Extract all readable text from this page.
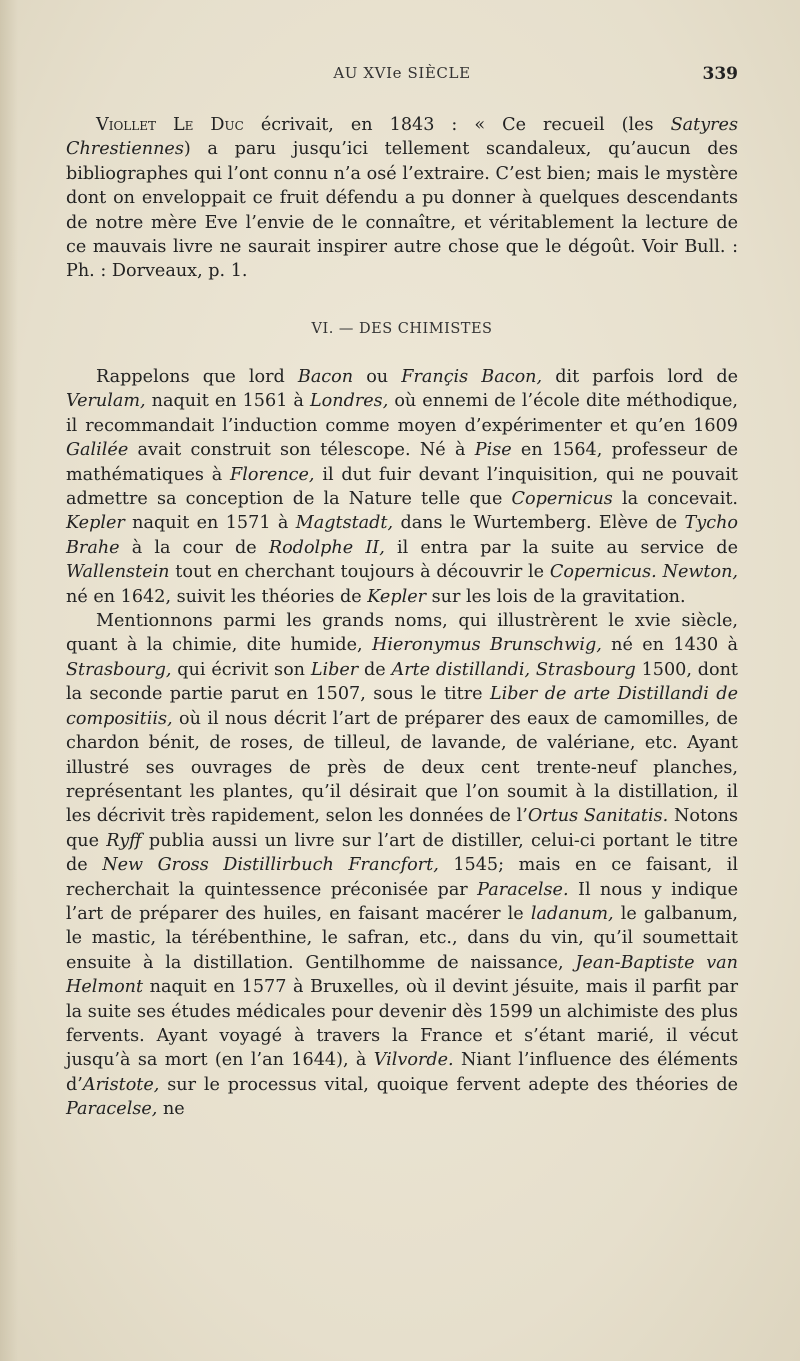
AU XVIe SIÈCLE	339

Viollet Le Duc écrivait, en 1843 : « Ce recueil (les Satyres Chrestiennes) a paru jusqu’ici tellement scandaleux, qu’aucun des bibliographes qui l’ont connu n’a osé l’extraire. C’est bien; mais le mystère dont on enveloppait ce fruit défendu a pu donner à quelques descendants de notre mère Eve l’envie de le connaître, et véritablement la lecture de ce mauvais livre ne saurait inspirer autre chose que le dégoût. Voir Bull. : Ph. : Dorveaux, p. 1.

VI. — DES CHIMISTES

Rappelons que lord Bacon ou Françis Bacon, dit parfois lord de Verulam, naquit en 1561 à Londres, où ennemi de l’école dite méthodique, il recommandait l’induction comme moyen d’expérimenter et qu’en 1609 Galilée avait construit son télescope. Né à Pise en 1564, professeur de mathématiques à Florence, il dut fuir devant l’inquisition, qui ne pouvait admettre sa conception de la Nature telle que Copernicus la concevait. Kepler naquit en 1571 à Magtstadt, dans le Wurtemberg. Elève de Tycho Brahe à la cour de Rodolphe II, il entra par la suite au service de Wallenstein tout en cherchant toujours à découvrir le Copernicus. Newton, né en 1642, suivit les théories de Kepler sur les lois de la gravitation.

Mentionnons parmi les grands noms, qui illustrèrent le xvie siècle, quant à la chimie, dite humide, Hieronymus Brunschwig, né en 1430 à Strasbourg, qui écrivit son Liber de Arte distillandi, Strasbourg 1500, dont la seconde partie parut en 1507, sous le titre Liber de arte Distillandi de compositiis, où il nous décrit l’art de préparer des eaux de camomilles, de chardon bénit, de roses, de tilleul, de lavande, de valériane, etc. Ayant illustré ses ouvrages de près de deux cent trente-neuf planches, représentant les plantes, qu’il désirait que l’on soumit à la distillation, il les décrivit très rapidement, selon les données de l’Ortus Sanitatis. Notons que Ryff publia aussi un livre sur l’art de distiller, celui-ci portant le titre de New Gross Distillirbuch Francfort, 1545; mais en ce faisant, il recherchait la quintessence préconisée par Paracelse. Il nous y indique l’art de préparer des huiles, en faisant macérer le ladanum, le galbanum, le mastic, la térébenthine, le safran, etc., dans du vin, qu’il soumettait ensuite à la distillation. Gentilhomme de naissance, Jean-Baptiste van Helmont naquit en 1577 à Bruxelles, où il devint jésuite, mais il parfit par la suite ses études médicales pour devenir dès 1599 un alchimiste des plus fervents. Ayant voyagé à travers la France et s’étant marié, il vécut jusqu’à sa mort (en l’an 1644), à Vilvorde. Niant l’influence des éléments d’Aristote, sur le processus vital, quoique fervent adepte des théories de Paracelse, ne
